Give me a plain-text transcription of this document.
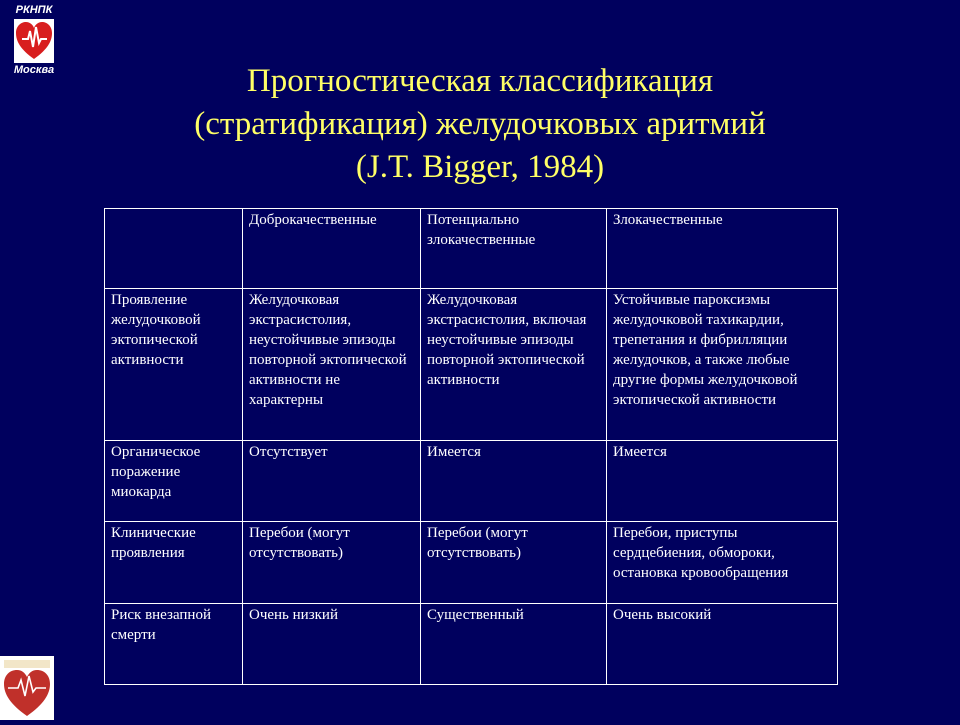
РКНПК
Москва	Прогностическая классификация
(стратификация) желудочковых аритмий
(J.T. Bigger, 1984)
	Доброкачественные	Потенциально злокачественные	Злокачественные
Проявление желудочковой эктопической активности	Желудочковая экстрасистолия, неустойчивые эпизоды повторной эктопической активности не характерны	Желудочковая экстрасистолия, включая неустойчивые эпизоды повторной эктопической активности	Устойчивые пароксизмы желудочковой тахикардии, трепетания и фибрилляции желудочков, а также любые другие формы желудочковой эктопической активности
Органическое поражение миокарда	Отсутствует	Имеется	Имеется
Клинические проявления	Перебои (могут отсутствовать)	Перебои (могут отсутствовать)	Перебои, приступы сердцебиения, обмороки, остановка кровообращения
Риск внезапной смерти	Очень низкий	Существенный	Очень высокий
